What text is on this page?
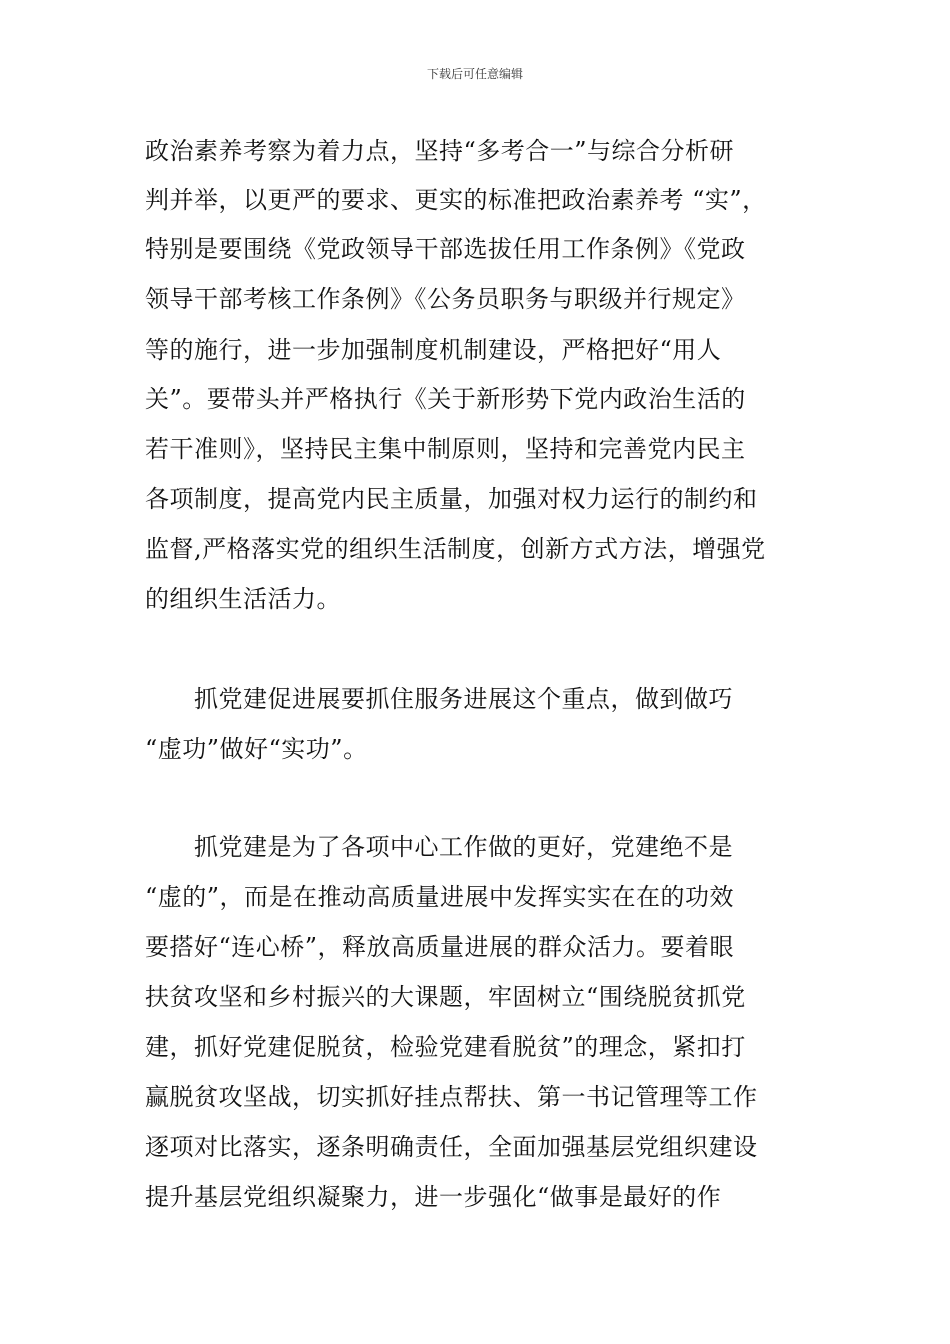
下载后可任意编辑
政治素养考察为着力点，坚持“多考合一”与综合分析研
判并举，以更严的要求、更实的标准把政治素养考 “实”，
特别是要围绕《党政领导干部选拔任用工作条例》《党政
领导干部考核工作条例》《公务员职务与职级并行规定》
等的施行，进一步加强制度机制建设，严格把好“用人
关”。要带头并严格执行《关于新形势下党内政治生活的
若干准则》，坚持民主集中制原则，坚持和完善党内民主
各项制度，提高党内民主质量，加强对权力运行的制约和
监督,严格落实党的组织生活制度，创新方式方法，增强党
的组织生活活力。
　　抓党建促进展要抓住服务进展这个重点，做到做巧
“虚功”做好“实功”。
　　抓党建是为了各项中心工作做的更好，党建绝不是
“虚的”，而是在推动高质量进展中发挥实实在在的功效
要搭好“连心桥”，释放高质量进展的群众活力。要着眼
扶贫攻坚和乡村振兴的大课题，牢固树立“围绕脱贫抓党
建，抓好党建促脱贫，检验党建看脱贫”的理念，紧扣打
赢脱贫攻坚战，切实抓好挂点帮扶、第一书记管理等工作
逐项对比落实，逐条明确责任，全面加强基层党组织建设
提升基层党组织凝聚力，进一步强化“做事是最好的作
